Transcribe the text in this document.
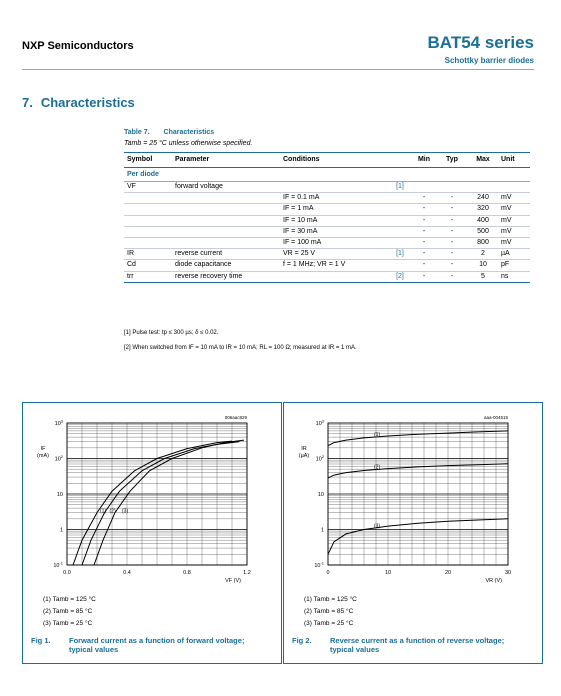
NXP Semiconductors	BAT54 series
Schottky barrier diodes
7. Characteristics
Table 7. Characteristics
Tamb = 25 °C unless otherwise specified.
Symbol	Parameter	Conditions		Min	Typ	Max	Unit
Per diode							
VF	forward voltage		[1]				
		IF = 0.1 mA		-	-	240	mV
		IF = 1 mA		-	-	320	mV
		IF = 10 mA		-	-	400	mV
		IF = 30 mA		-	-	500	mV
		IF = 100 mA		-	-	800	mV
IR	reverse current	VR = 25 V	[1]	-	-	2	µA
Cd	diode capacitance	f = 1 MHz; VR = 1 V		-	-	10	pF
trr	reverse recovery time		[2]	-	-	5	ns
[1] Pulse test: tp ≤ 300 µs; δ ≤ 0.02.
[2] When switched from IF = 10 mA to IR = 10 mA; RL = 100 Ω; measured at IR = 1 mA.
0.0	0.4	0.8	1.2
$10^{-1}$
1
10
$10^2$
$10^3$
VF (V)
IF
(mA)
006aac829
(1) (2) (3)
(1) Tamb = 125 °C
(2) Tamb = 85 °C
(3) Tamb = 25 °C
Fig 1. Forward current as a function of forward voltage; typical values
0	10	20	30
$10^{-1}$
1
10
$10^2$
$10^3$
VR (V)
IR
(µA)
aaa-004515
(1)
(2)
(3)
(1) Tamb = 125 °C
(2) Tamb = 85 °C
(3) Tamb = 25 °C
Fig 2. Reverse current as a function of reverse voltage; typical values
